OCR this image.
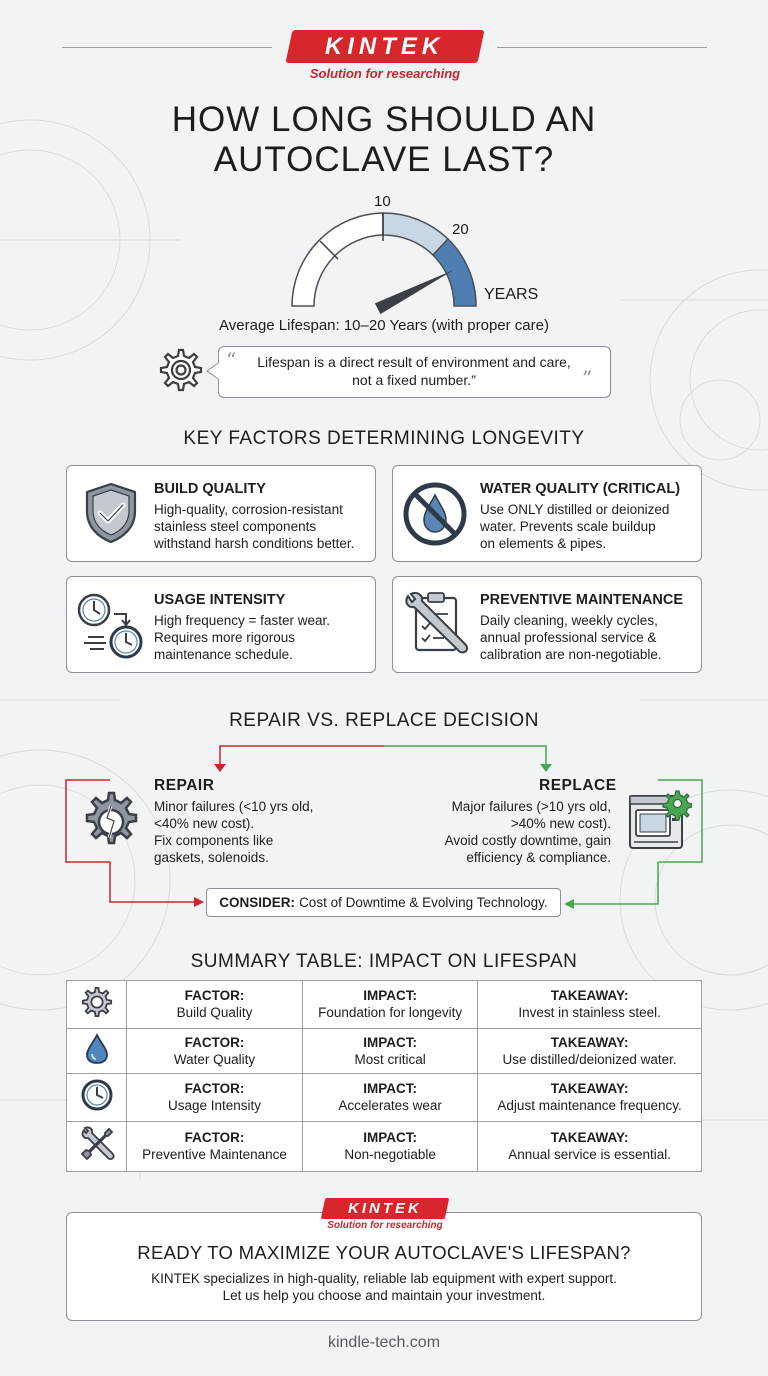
KINTEK
Solution for researching
HOW LONG SHOULD AN
AUTOCLAVE LAST?
10
20
YEARS
Average Lifespan: 10–20 Years (with proper care)
“
”
Lifespan is a direct result of environment and care,
not a fixed number.”
KEY FACTORS DETERMINING LONGEVITY
BUILD QUALITY
High-quality, corrosion-resistant
stainless steel components
withstand harsh conditions better.
WATER QUALITY (CRITICAL)
Use ONLY distilled or deionized
water. Prevents scale buildup
on elements & pipes.
USAGE INTENSITY
High frequency = faster wear.
Requires more rigorous
maintenance schedule.
PREVENTIVE MAINTENANCE
Daily cleaning, weekly cycles,
annual professional service &
calibration are non-negotiable.
REPAIR VS. REPLACE DECISION
REPAIR
Minor failures (<10 yrs old,
<40% new cost).
Fix components like
gaskets, solenoids.
REPLACE
Major failures (>10 yrs old,
>40% new cost).
Avoid costly downtime, gain
efficiency & compliance.
CONSIDER: Cost of Downtime & Evolving Technology.
SUMMARY TABLE: IMPACT ON LIFESPAN

FACTOR:
Build Quality	IMPACT:
Foundation for longevity	TAKEAWAY:
Invest in stainless steel.

FACTOR:
Water Quality	IMPACT:
Most critical	TAKEAWAY:
Use distilled/deionized water.

FACTOR:
Usage Intensity	IMPACT:
Accelerates wear	TAKEAWAY:
Adjust maintenance frequency.

FACTOR:
Preventive Maintenance	IMPACT:
Non-negotiable	TAKEAWAY:
Annual service is essential.
KINTEK
Solution for researching
READY TO MAXIMIZE YOUR AUTOCLAVE'S LIFESPAN?
KINTEK specializes in high-quality, reliable lab equipment with expert support.
Let us help you choose and maintain your investment.
kindle-tech.com
